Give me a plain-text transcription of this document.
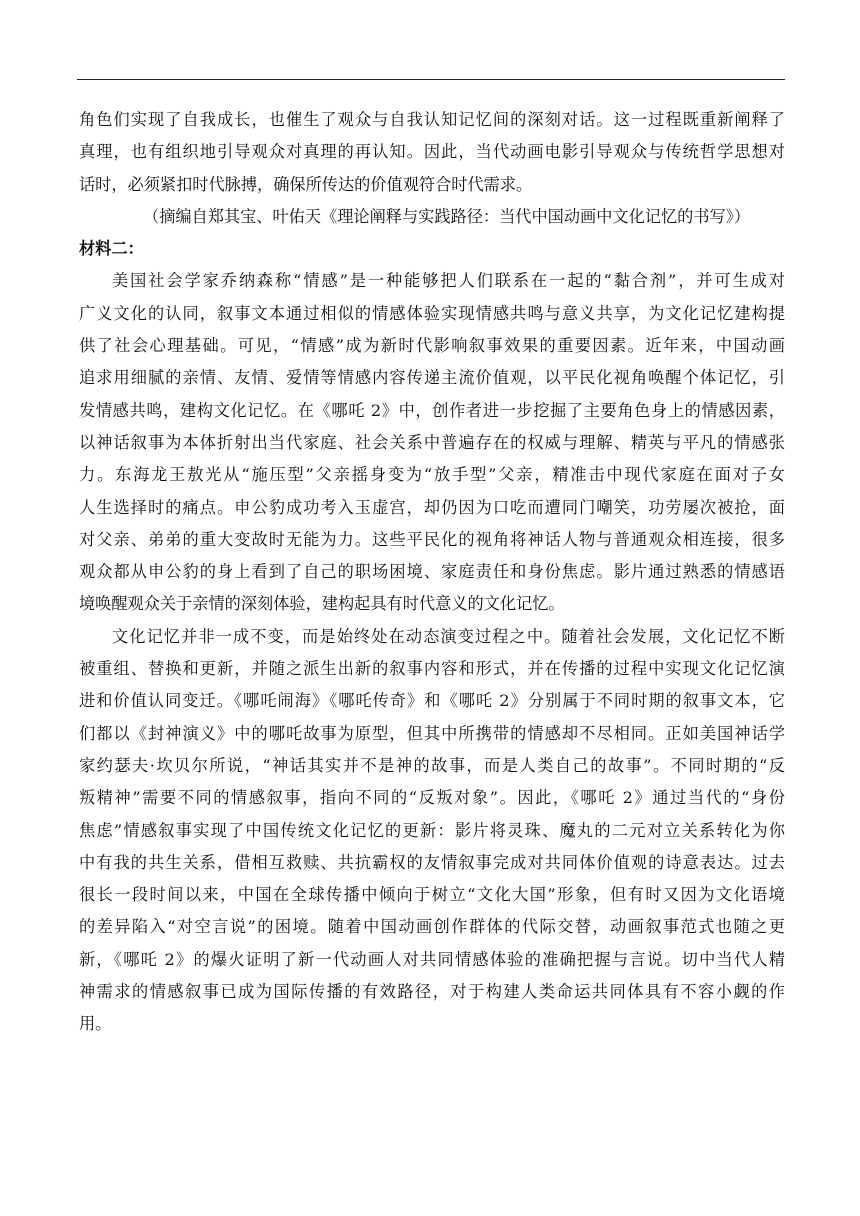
角色们实现了自我成长，也催生了观众与自我认知记忆间的深刻对话。这一过程既重新阐释了
真理，也有组织地引导观众对真理的再认知。因此，当代动画电影引导观众与传统哲学思想对
话时，必须紧扣时代脉搏，确保所传达的价值观符合时代需求。
（摘编自郑其宝、叶佑天《理论阐释与实践路径：当代中国动画中文化记忆的书写》）
材料二：
美国社会学家乔纳森称“情感”是一种能够把人们联系在一起的“黏合剂”，并可生成对
广义文化的认同，叙事文本通过相似的情感体验实现情感共鸣与意义共享，为文化记忆建构提
供了社会心理基础。可见，“情感”成为新时代影响叙事效果的重要因素。近年来，中国动画
追求用细腻的亲情、友情、爱情等情感内容传递主流价值观，以平民化视角唤醒个体记忆，引
发情感共鸣，建构文化记忆。在《哪吒 2》中，创作者进一步挖掘了主要角色身上的情感因素，
以神话叙事为本体折射出当代家庭、社会关系中普遍存在的权威与理解、精英与平凡的情感张
力。东海龙王敖光从“施压型”父亲摇身变为“放手型”父亲，精准击中现代家庭在面对子女
人生选择时的痛点。申公豹成功考入玉虚宫，却仍因为口吃而遭同门嘲笑，功劳屡次被抢，面
对父亲、弟弟的重大变故时无能为力。这些平民化的视角将神话人物与普通观众相连接，很多
观众都从申公豹的身上看到了自己的职场困境、家庭责任和身份焦虑。影片通过熟悉的情感语
境唤醒观众关于亲情的深刻体验，建构起具有时代意义的文化记忆。
文化记忆并非一成不变，而是始终处在动态演变过程之中。随着社会发展，文化记忆不断
被重组、替换和更新，并随之派生出新的叙事内容和形式，并在传播的过程中实现文化记忆演
进和价值认同变迁。《哪吒闹海》《哪吒传奇》和《哪吒 2》分别属于不同时期的叙事文本，它
们都以《封神演义》中的哪吒故事为原型，但其中所携带的情感却不尽相同。正如美国神话学
家约瑟夫·坎贝尔所说，“神话其实并不是神的故事，而是人类自己的故事”。不同时期的“反
叛精神”需要不同的情感叙事，指向不同的“反叛对象”。因此，《哪吒 2》通过当代的“身份
焦虑”情感叙事实现了中国传统文化记忆的更新：影片将灵珠、魔丸的二元对立关系转化为你
中有我的共生关系，借相互救赎、共抗霸权的友情叙事完成对共同体价值观的诗意表达。过去
很长一段时间以来，中国在全球传播中倾向于树立“文化大国”形象，但有时又因为文化语境
的差异陷入“对空言说”的困境。随着中国动画创作群体的代际交替，动画叙事范式也随之更
新，《哪吒 2》的爆火证明了新一代动画人对共同情感体验的准确把握与言说。切中当代人精
神需求的情感叙事已成为国际传播的有效路径，对于构建人类命运共同体具有不容小觑的作
用。
